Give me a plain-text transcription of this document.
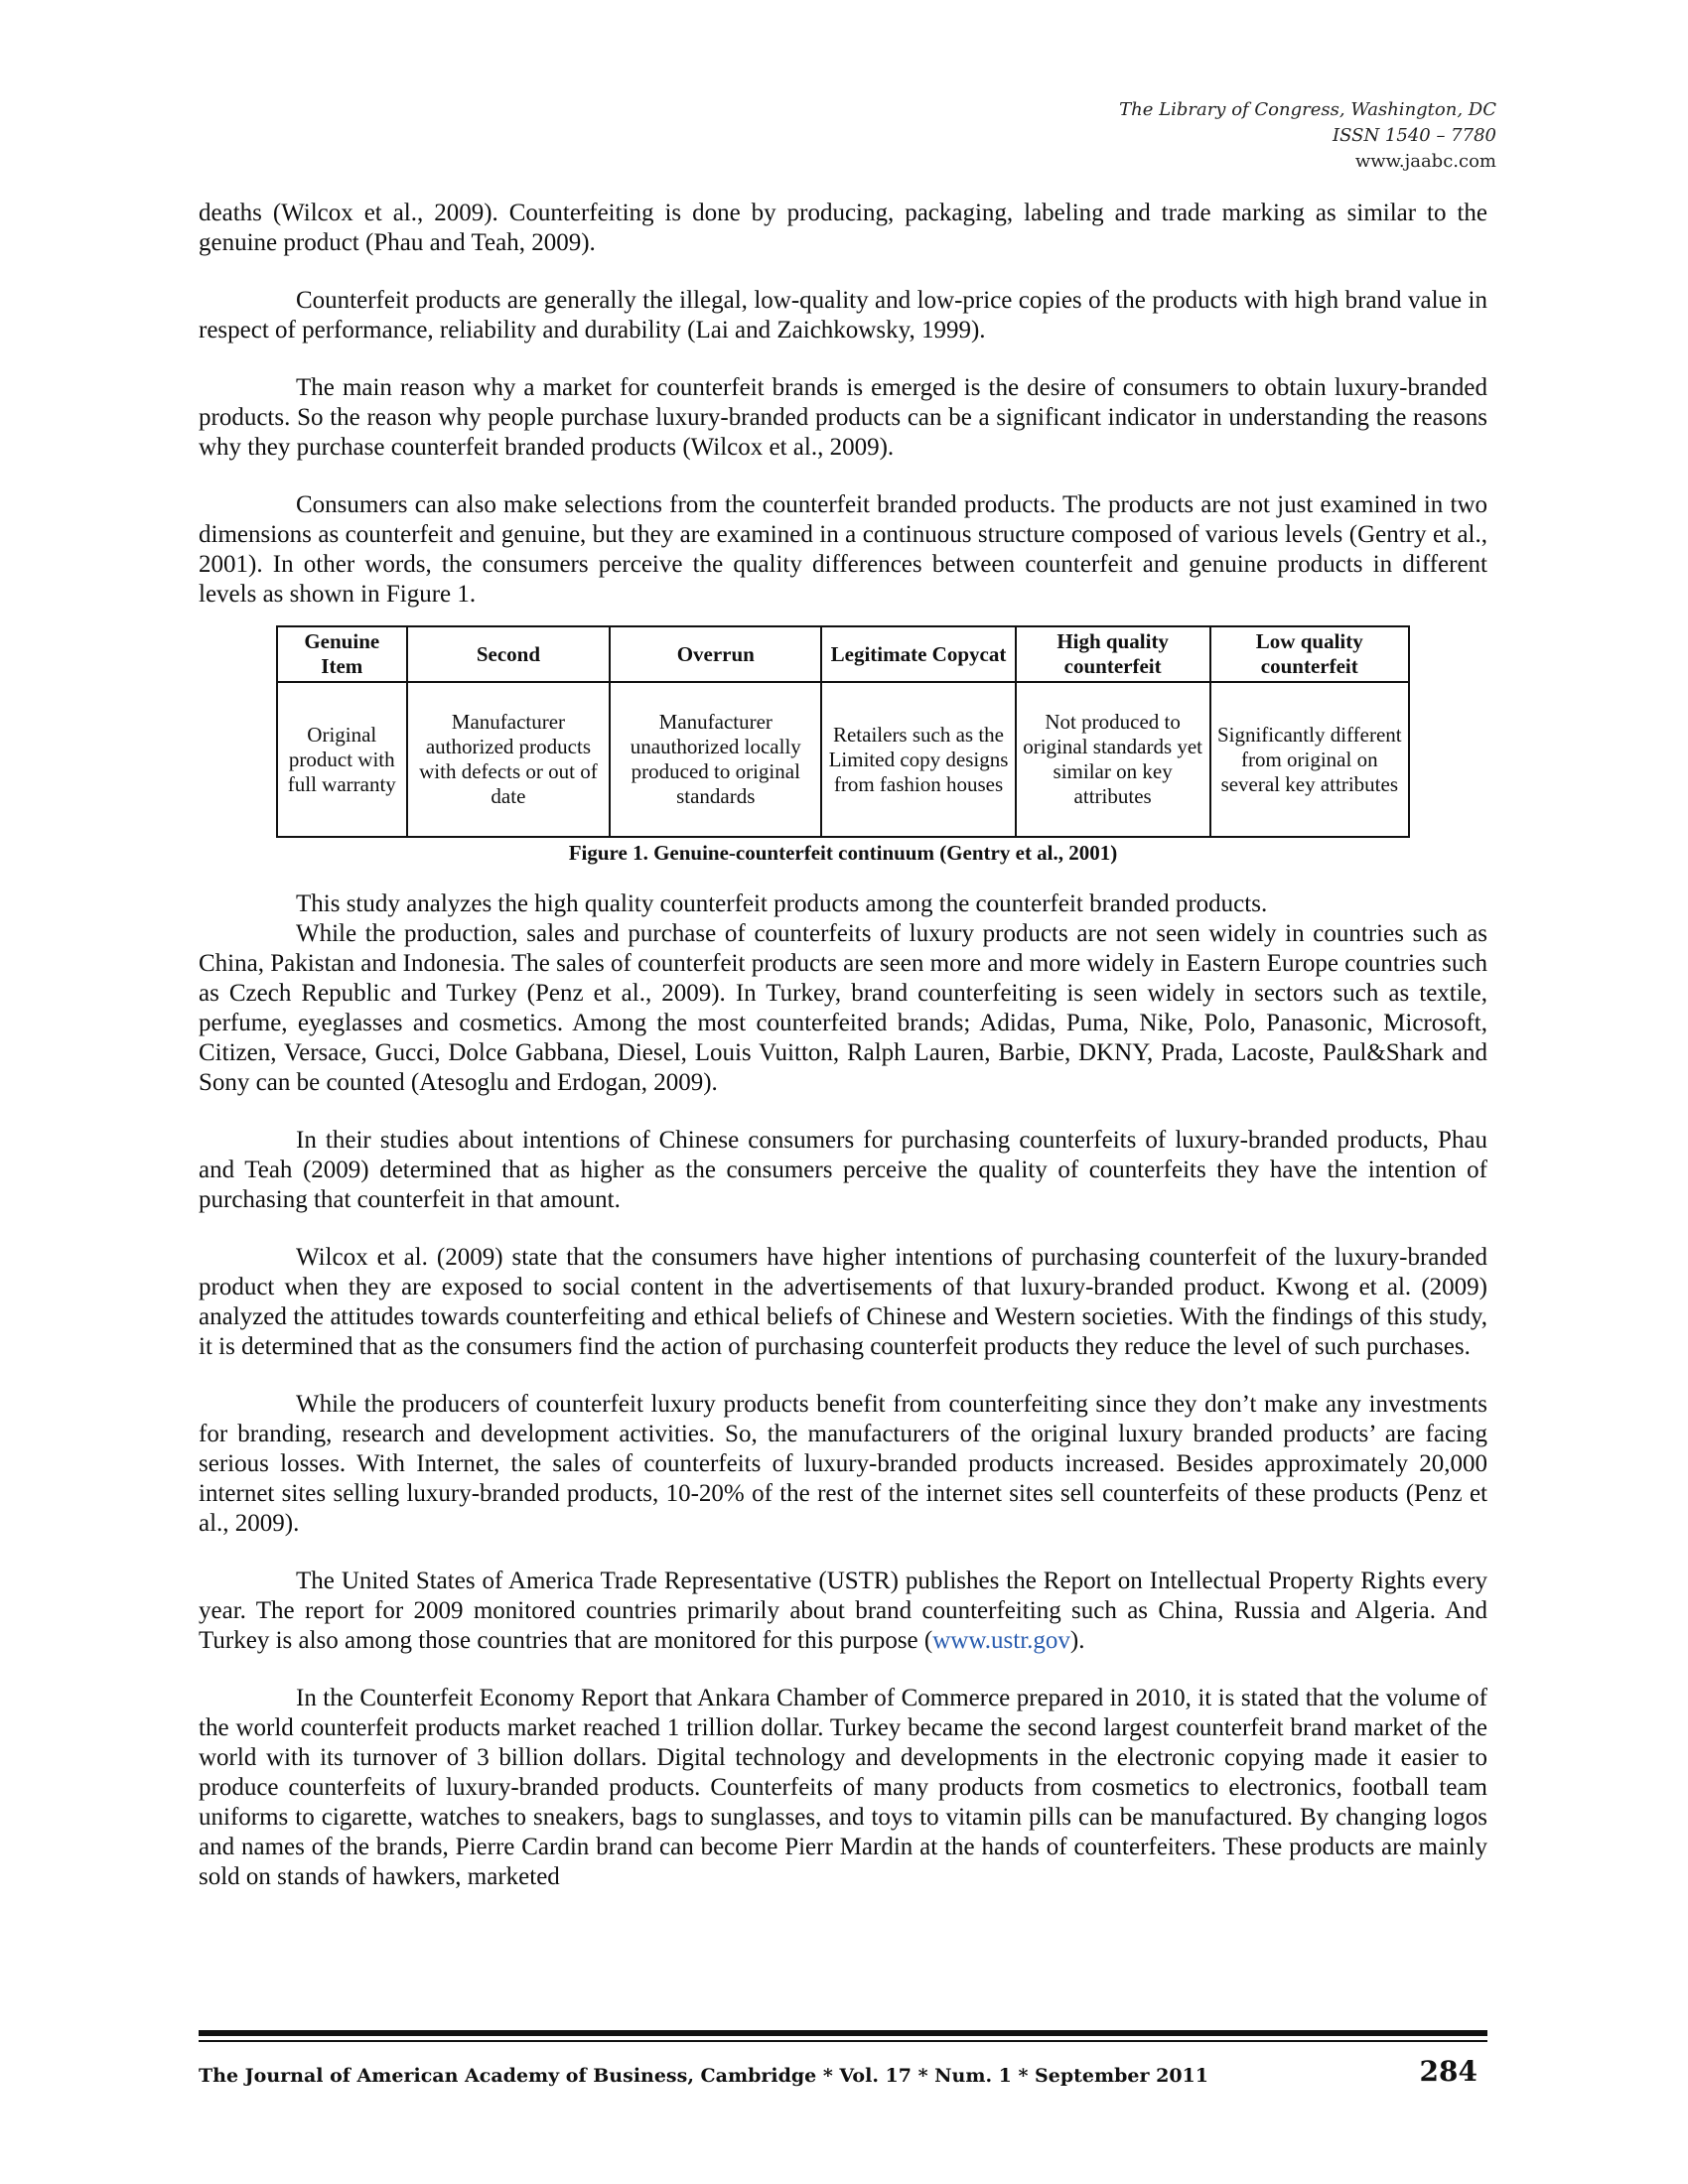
The Library of Congress, Washington, DC
ISSN 1540 – 7780
www.jaabc.com

deaths (Wilcox et al., 2009). Counterfeiting is done by producing, packaging, labeling and trade marking as similar to the genuine product (Phau and Teah, 2009).

Counterfeit products are generally the illegal, low-quality and low-price copies of the products with high brand value in respect of performance, reliability and durability (Lai and Zaichkowsky, 1999).

The main reason why a market for counterfeit brands is emerged is the desire of consumers to obtain luxury-branded products. So the reason why people purchase luxury-branded products can be a significant indicator in understanding the reasons why they purchase counterfeit branded products (Wilcox et al., 2009).

Consumers can also make selections from the counterfeit branded products. The products are not just examined in two dimensions as counterfeit and genuine, but they are examined in a continuous structure composed of various levels (Gentry et al., 2001). In other words, the consumers perceive the quality differences between counterfeit and genuine products in different levels as shown in Figure 1.

Genuine Item	Second	Overrun	Legitimate Copycat	High quality counterfeit	Low quality counterfeit
Original product with full warranty	Manufacturer authorized products with defects or out of date	Manufacturer unauthorized locally produced to original standards	Retailers such as the Limited copy designs from fashion houses	Not produced to original standards yet similar on key attributes	Significantly different from original on several key attributes
Figure 1. Genuine-counterfeit continuum (Gentry et al., 2001)

This study analyzes the high quality counterfeit products among the counterfeit branded products.

While the production, sales and purchase of counterfeits of luxury products are not seen widely in countries such as China, Pakistan and Indonesia. The sales of counterfeit products are seen more and more widely in Eastern Europe countries such as Czech Republic and Turkey (Penz et al., 2009). In Turkey, brand counterfeiting is seen widely in sectors such as textile, perfume, eyeglasses and cosmetics. Among the most counterfeited brands; Adidas, Puma, Nike, Polo, Panasonic, Microsoft, Citizen, Versace, Gucci, Dolce Gabbana, Diesel, Louis Vuitton, Ralph Lauren, Barbie, DKNY, Prada, Lacoste, Paul&Shark and Sony can be counted (Atesoglu and Erdogan, 2009).

In their studies about intentions of Chinese consumers for purchasing counterfeits of luxury-branded products, Phau and Teah (2009) determined that as higher as the consumers perceive the quality of counterfeits they have the intention of purchasing that counterfeit in that amount.

Wilcox et al. (2009) state that the consumers have higher intentions of purchasing counterfeit of the luxury-branded product when they are exposed to social content in the advertisements of that luxury-branded product. Kwong et al. (2009) analyzed the attitudes towards counterfeiting and ethical beliefs of Chinese and Western societies. With the findings of this study, it is determined that as the consumers find the action of purchasing counterfeit products they reduce the level of such purchases.

While the producers of counterfeit luxury products benefit from counterfeiting since they don’t make any investments for branding, research and development activities. So, the manufacturers of the original luxury branded products’ are facing serious losses. With Internet, the sales of counterfeits of luxury-branded products increased. Besides approximately 20,000 internet sites selling luxury-branded products, 10-20% of the rest of the internet sites sell counterfeits of these products (Penz et al., 2009).

The United States of America Trade Representative (USTR) publishes the Report on Intellectual Property Rights every year. The report for 2009 monitored countries primarily about brand counterfeiting such as China, Russia and Algeria. And Turkey is also among those countries that are monitored for this purpose (www.ustr.gov).

In the Counterfeit Economy Report that Ankara Chamber of Commerce prepared in 2010, it is stated that the volume of the world counterfeit products market reached 1 trillion dollar. Turkey became the second largest counterfeit brand market of the world with its turnover of 3 billion dollars. Digital technology and developments in the electronic copying made it easier to produce counterfeits of luxury-branded products. Counterfeits of many products from cosmetics to electronics, football team uniforms to cigarette, watches to sneakers, bags to sunglasses, and toys to vitamin pills can be manufactured. By changing logos and names of the brands, Pierre Cardin brand can become Pierr Mardin at the hands of counterfeiters. These products are mainly sold on stands of hawkers, marketed

The Journal of American Academy of Business, Cambridge * Vol. 17 * Num. 1 * September 2011	284
